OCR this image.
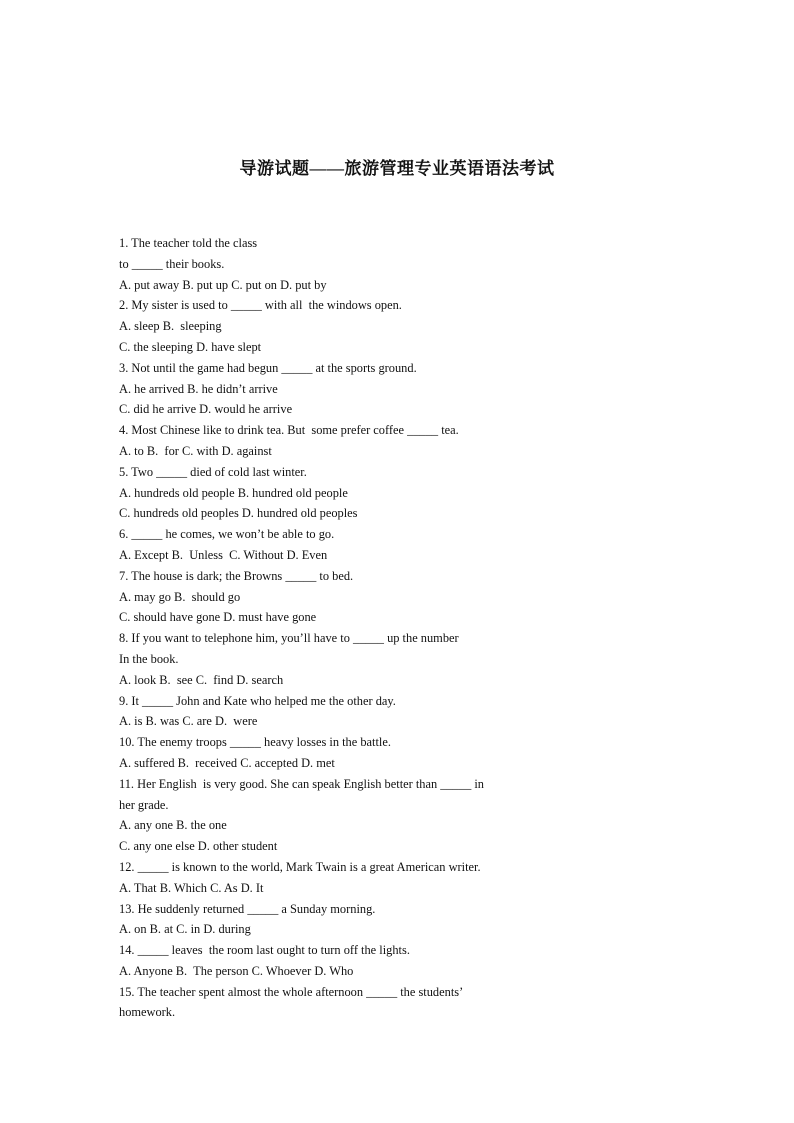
导游试题——旅游管理专业英语语法考试
1. The teacher told the class
to _____ their books.
A. put away B. put up C. put on D. put by
2. My sister is used to _____ with all  the windows open.
A. sleep B.  sleeping
C. the sleeping D. have slept
3. Not until the game had begun _____ at the sports ground.
A. he arrived B. he didn’t arrive
C. did he arrive D. would he arrive
4. Most Chinese like to drink tea. But  some prefer coffee _____ tea.
A. to B.  for C. with D. against
5. Two _____ died of cold last winter.
A. hundreds old people B. hundred old people
C. hundreds old peoples D. hundred old peoples
6. _____ he comes, we won’t be able to go.
A. Except B.  Unless  C. Without D. Even
7. The house is dark; the Browns _____ to bed.
A. may go B.  should go
C. should have gone D. must have gone
8. If you want to telephone him, you’ll have to _____ up the number
In the book.
A. look B.  see C.  find D. search
9. It _____ John and Kate who helped me the other day.
A. is B. was C. are D.  were
10. The enemy troops _____ heavy losses in the battle.
A. suffered B.  received C. accepted D. met
11. Her English  is very good. She can speak English better than _____ in
her grade.
A. any one B. the one
C. any one else D. other student
12. _____ is known to the world, Mark Twain is a great American writer.
A. That B. Which C. As D. It
13. He suddenly returned _____ a Sunday morning.
A. on B. at C. in D. during
14. _____ leaves  the room last ought to turn off the lights.
A. Anyone B.  The person C. Whoever D. Who
15. The teacher spent almost the whole afternoon _____ the students’
homework.
